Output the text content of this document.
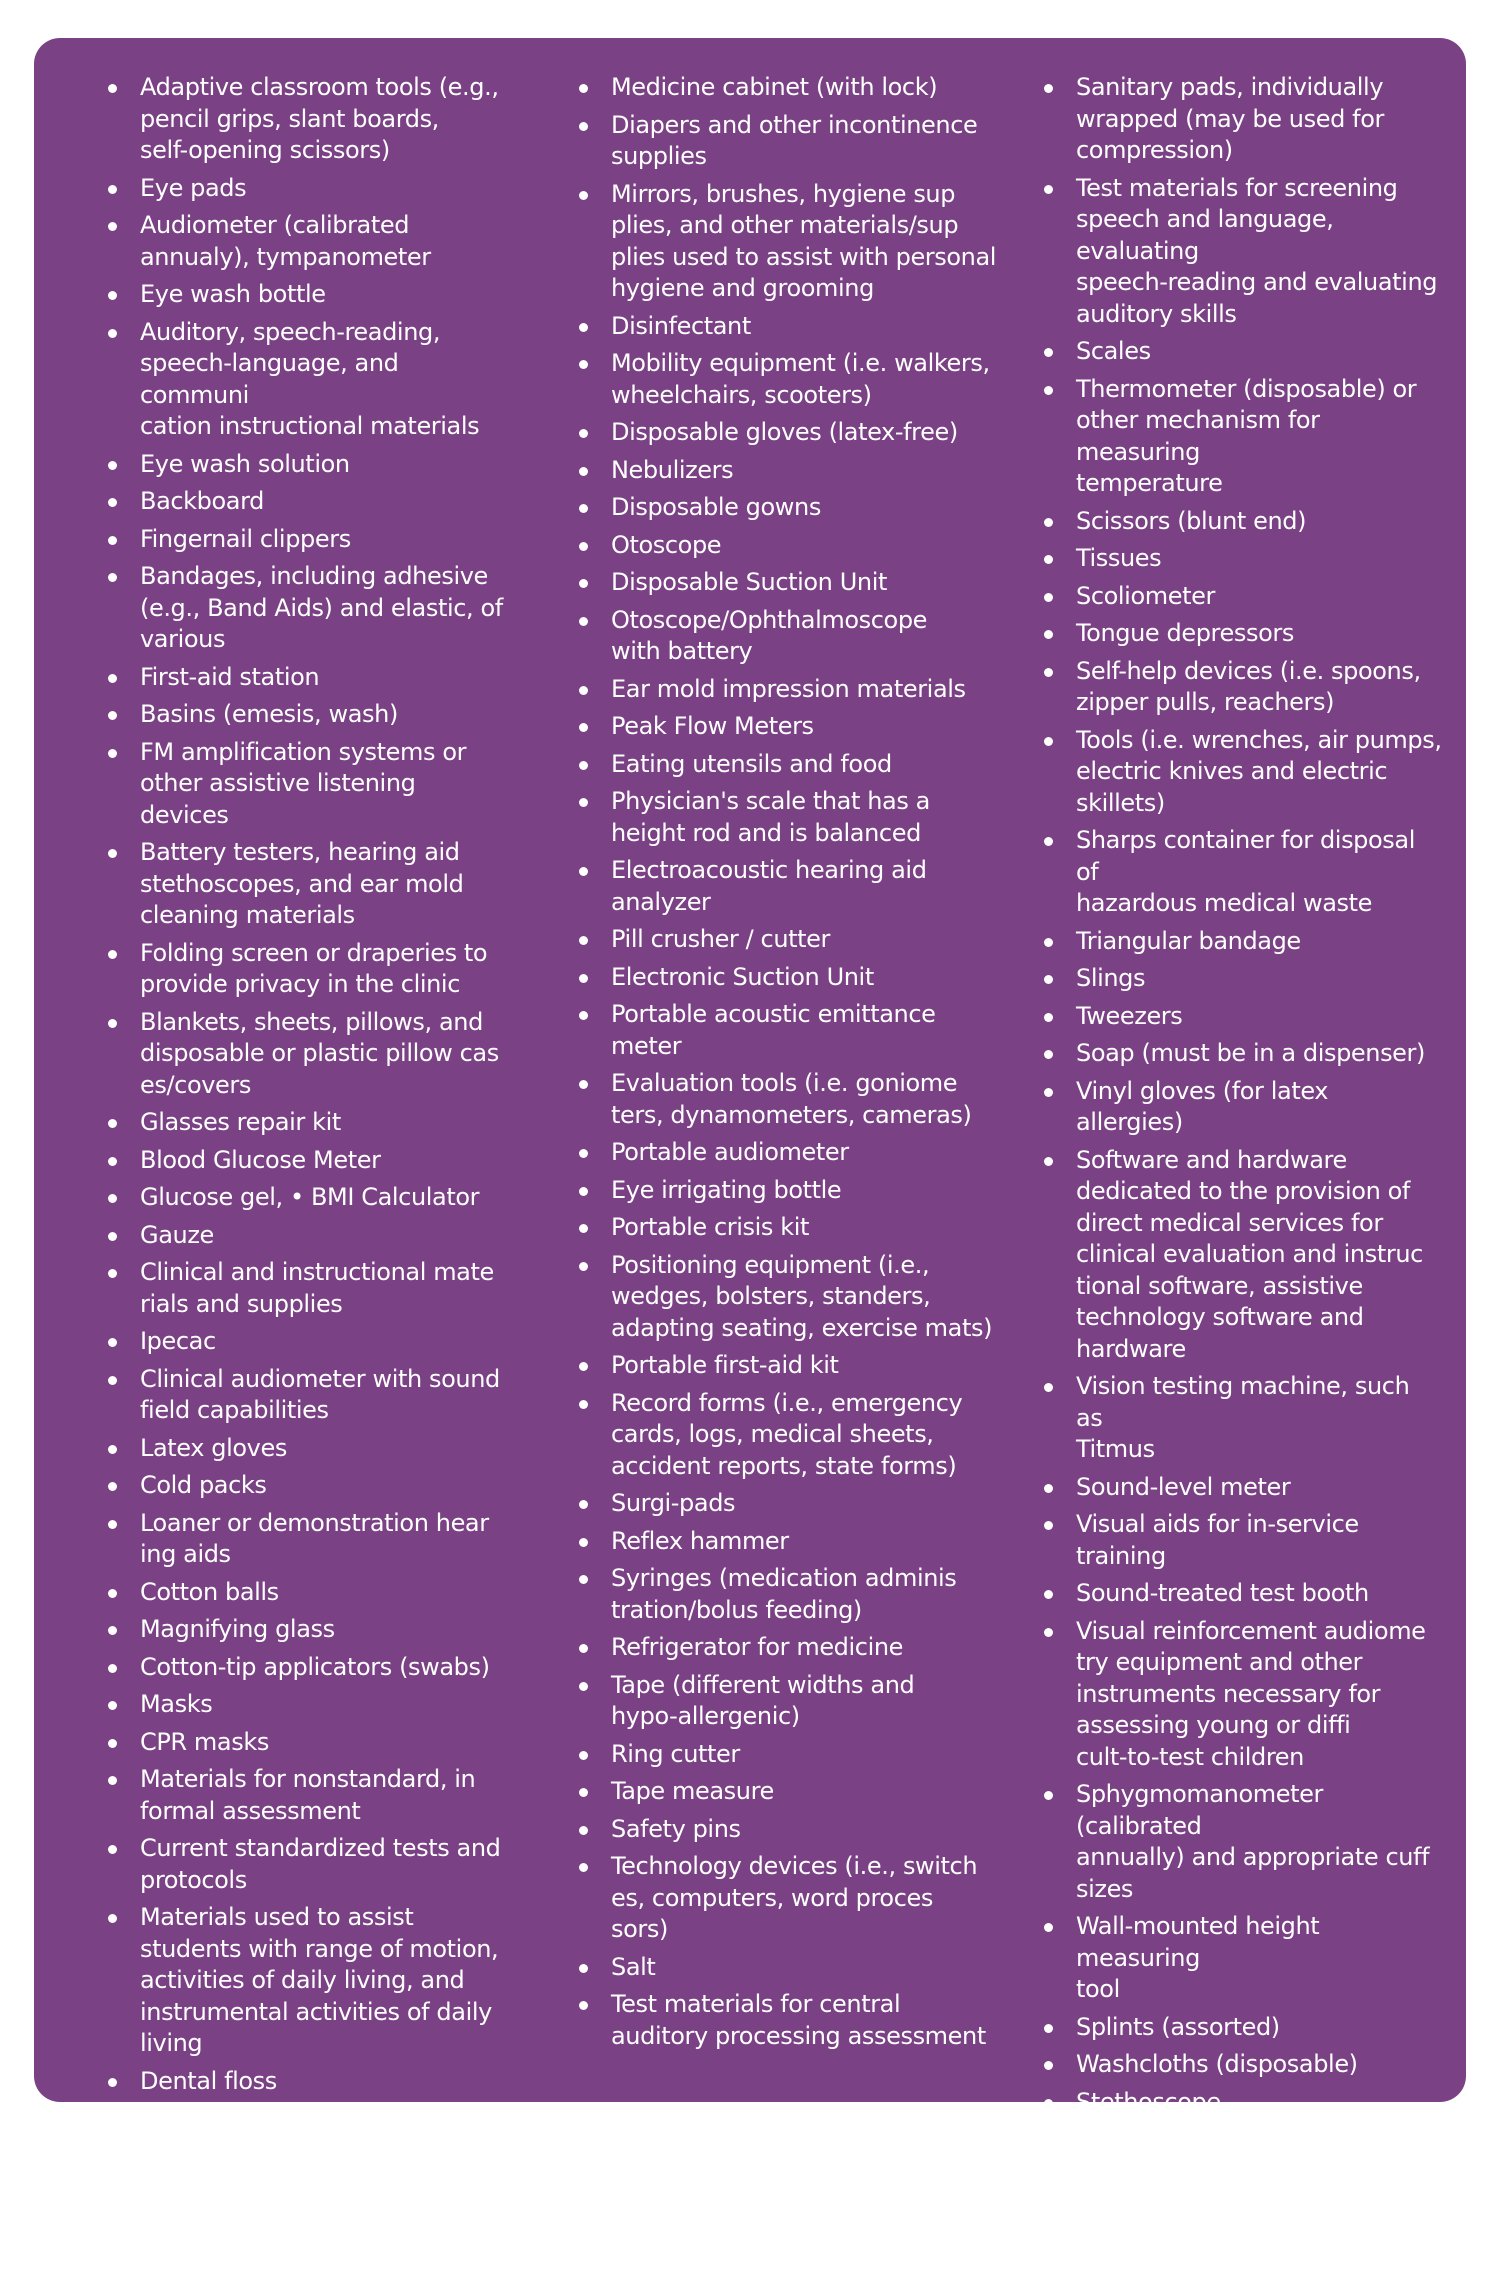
Adaptive classroom tools (e.g.,
pencil grips, slant boards,
self-opening scissors)
Eye pads
Audiometer (calibrated
annualy), tympanometer
Eye wash bottle
Auditory, speech-reading,
speech-language, and communi
cation instructional materials
Eye wash solution
Backboard
Fingernail clippers
Bandages, including adhesive
(e.g., Band Aids) and elastic, of
various
First-aid station
Basins (emesis, wash)
FM amplification systems or
other assistive listening devices
Battery testers, hearing aid
stethoscopes, and ear mold
cleaning materials
Folding screen or draperies to
provide privacy in the clinic
Blankets, sheets, pillows, and
disposable or plastic pillow cas
es/covers
Glasses repair kit
Blood Glucose Meter
Glucose gel, • BMI Calculator
Gauze
Clinical and instructional mate
rials and supplies
Ipecac
Clinical audiometer with sound
field capabilities
Latex gloves
Cold packs
Loaner or demonstration hear
ing aids
Cotton balls
Magnifying glass
Cotton-tip applicators (swabs)
Masks
CPR masks
Materials for nonstandard, in
formal assessment
Current standardized tests and
protocols
Materials used to assist
students with range of motion,
activities of daily living, and
instrumental activities of daily
living
Dental floss
Medicine cabinet (with lock)
Diapers and other incontinence
supplies
Mirrors, brushes, hygiene sup
plies, and other materials/sup
plies used to assist with personal
hygiene and grooming
Disinfectant
Mobility equipment (i.e. walkers,
wheelchairs, scooters)
Disposable gloves (latex-free)
Nebulizers
Disposable gowns
Otoscope
Disposable Suction Unit
Otoscope/Ophthalmoscope
with battery
Ear mold impression materials
Peak Flow Meters
Eating utensils and food
Physician's scale that has a
height rod and is balanced
Electroacoustic hearing aid
analyzer
Pill crusher / cutter
Electronic Suction Unit
Portable acoustic emittance
meter
Evaluation tools (i.e. goniome
ters, dynamometers, cameras)
Portable audiometer
Eye irrigating bottle
Portable crisis kit
Positioning equipment (i.e.,
wedges, bolsters, standers,
adapting seating, exercise mats)
Portable first-aid kit
Record forms (i.e., emergency
cards, logs, medical sheets,
accident reports, state forms)
Surgi-pads
Reflex hammer
Syringes (medication adminis
tration/bolus feeding)
Refrigerator for medicine
Tape (different widths and
hypo-allergenic)
Ring cutter
Tape measure
Safety pins
Technology devices (i.e., switch
es, computers, word proces
sors)
Salt
Test materials for central
auditory processing assessment
Sanitary pads, individually
wrapped (may be used for
compression)
Test materials for screening
speech and language, evaluating
speech-reading and evaluating
auditory skills
Scales
Thermometer (disposable) or
other mechanism for measuring
temperature
Scissors (blunt end)
Tissues
Scoliometer
Tongue depressors
Self-help devices (i.e. spoons,
zipper pulls, reachers)
Tools (i.e. wrenches, air pumps,
electric knives and electric
skillets)
Sharps container for disposal of
hazardous medical waste
Triangular bandage
Slings
Tweezers
Soap (must be in a dispenser)
Vinyl gloves (for latex allergies)
Software and hardware
dedicated to the provision of
direct medical services for
clinical evaluation and instruc
tional software, assistive
technology software and
hardware
Vision testing machine, such as
Titmus
Sound-level meter
Visual aids for in-service training
Sound-treated test booth
Visual reinforcement audiome
try equipment and other
instruments necessary for
assessing young or diffi
cult-to-test children
Sphygmomanometer (calibrated
annually) and appropriate cuff
sizes
Wall-mounted height measuring
tool
Splints (assorted)
Washcloths (disposable)
Stethoscope
Wheelchair
Supplies for adopting materials
and equipment (i.e., strapping,
Velcro, foam, splinting supplies)
